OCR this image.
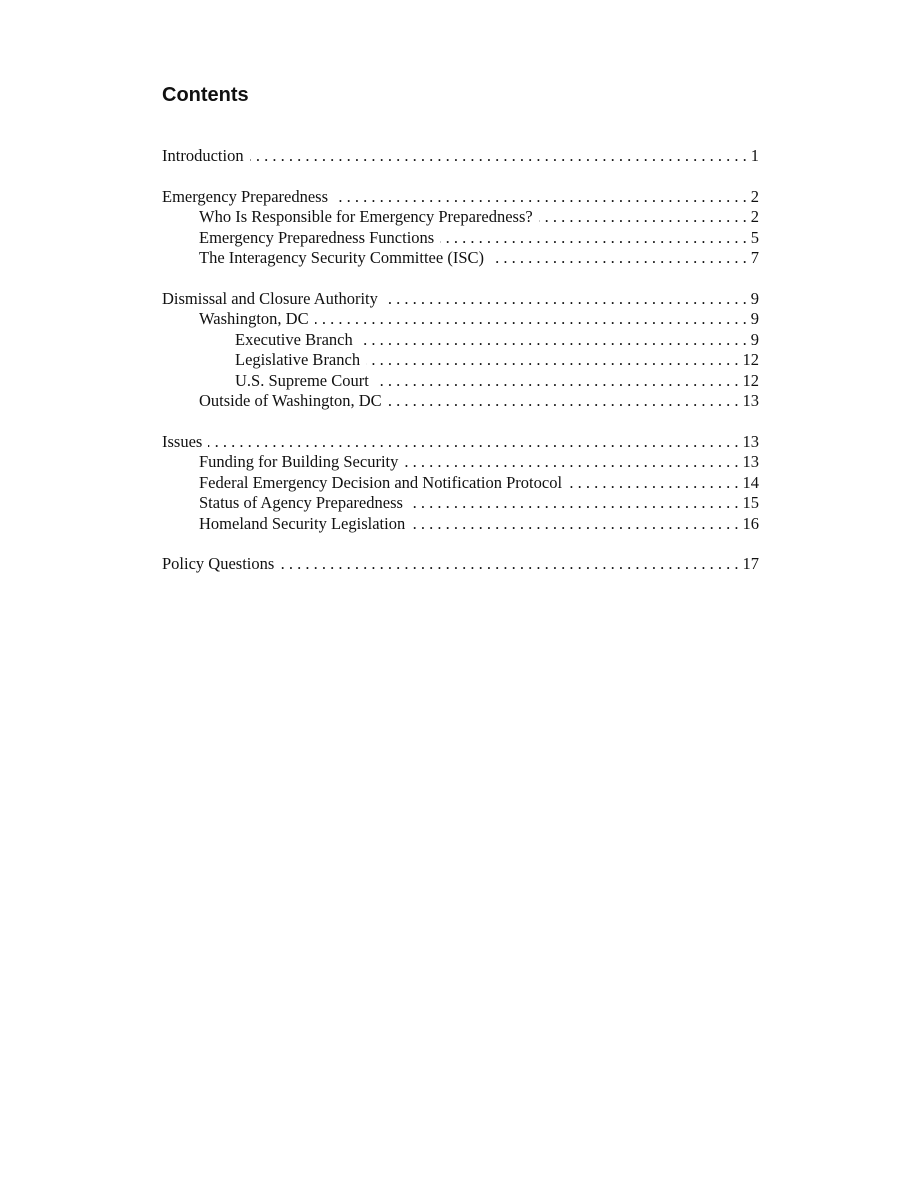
Contents
Introduction . . .	1
Emergency Preparedness . . .	2
Who Is Responsible for Emergency Preparedness? . . .	2
Emergency Preparedness Functions . . .	5
The Interagency Security Committee (ISC) . . .	7
Dismissal and Closure Authority . . .	9
Washington, DC . . .	9
Executive Branch . . .	9
Legislative Branch . . .	12
U.S. Supreme Court . . .	12
Outside of Washington, DC . . .	13
Issues . . .	13
Funding for Building Security . . .	13
Federal Emergency Decision and Notification Protocol . . .	14
Status of Agency Preparedness . . .	15
Homeland Security Legislation . . .	16
Policy Questions . . .	17
